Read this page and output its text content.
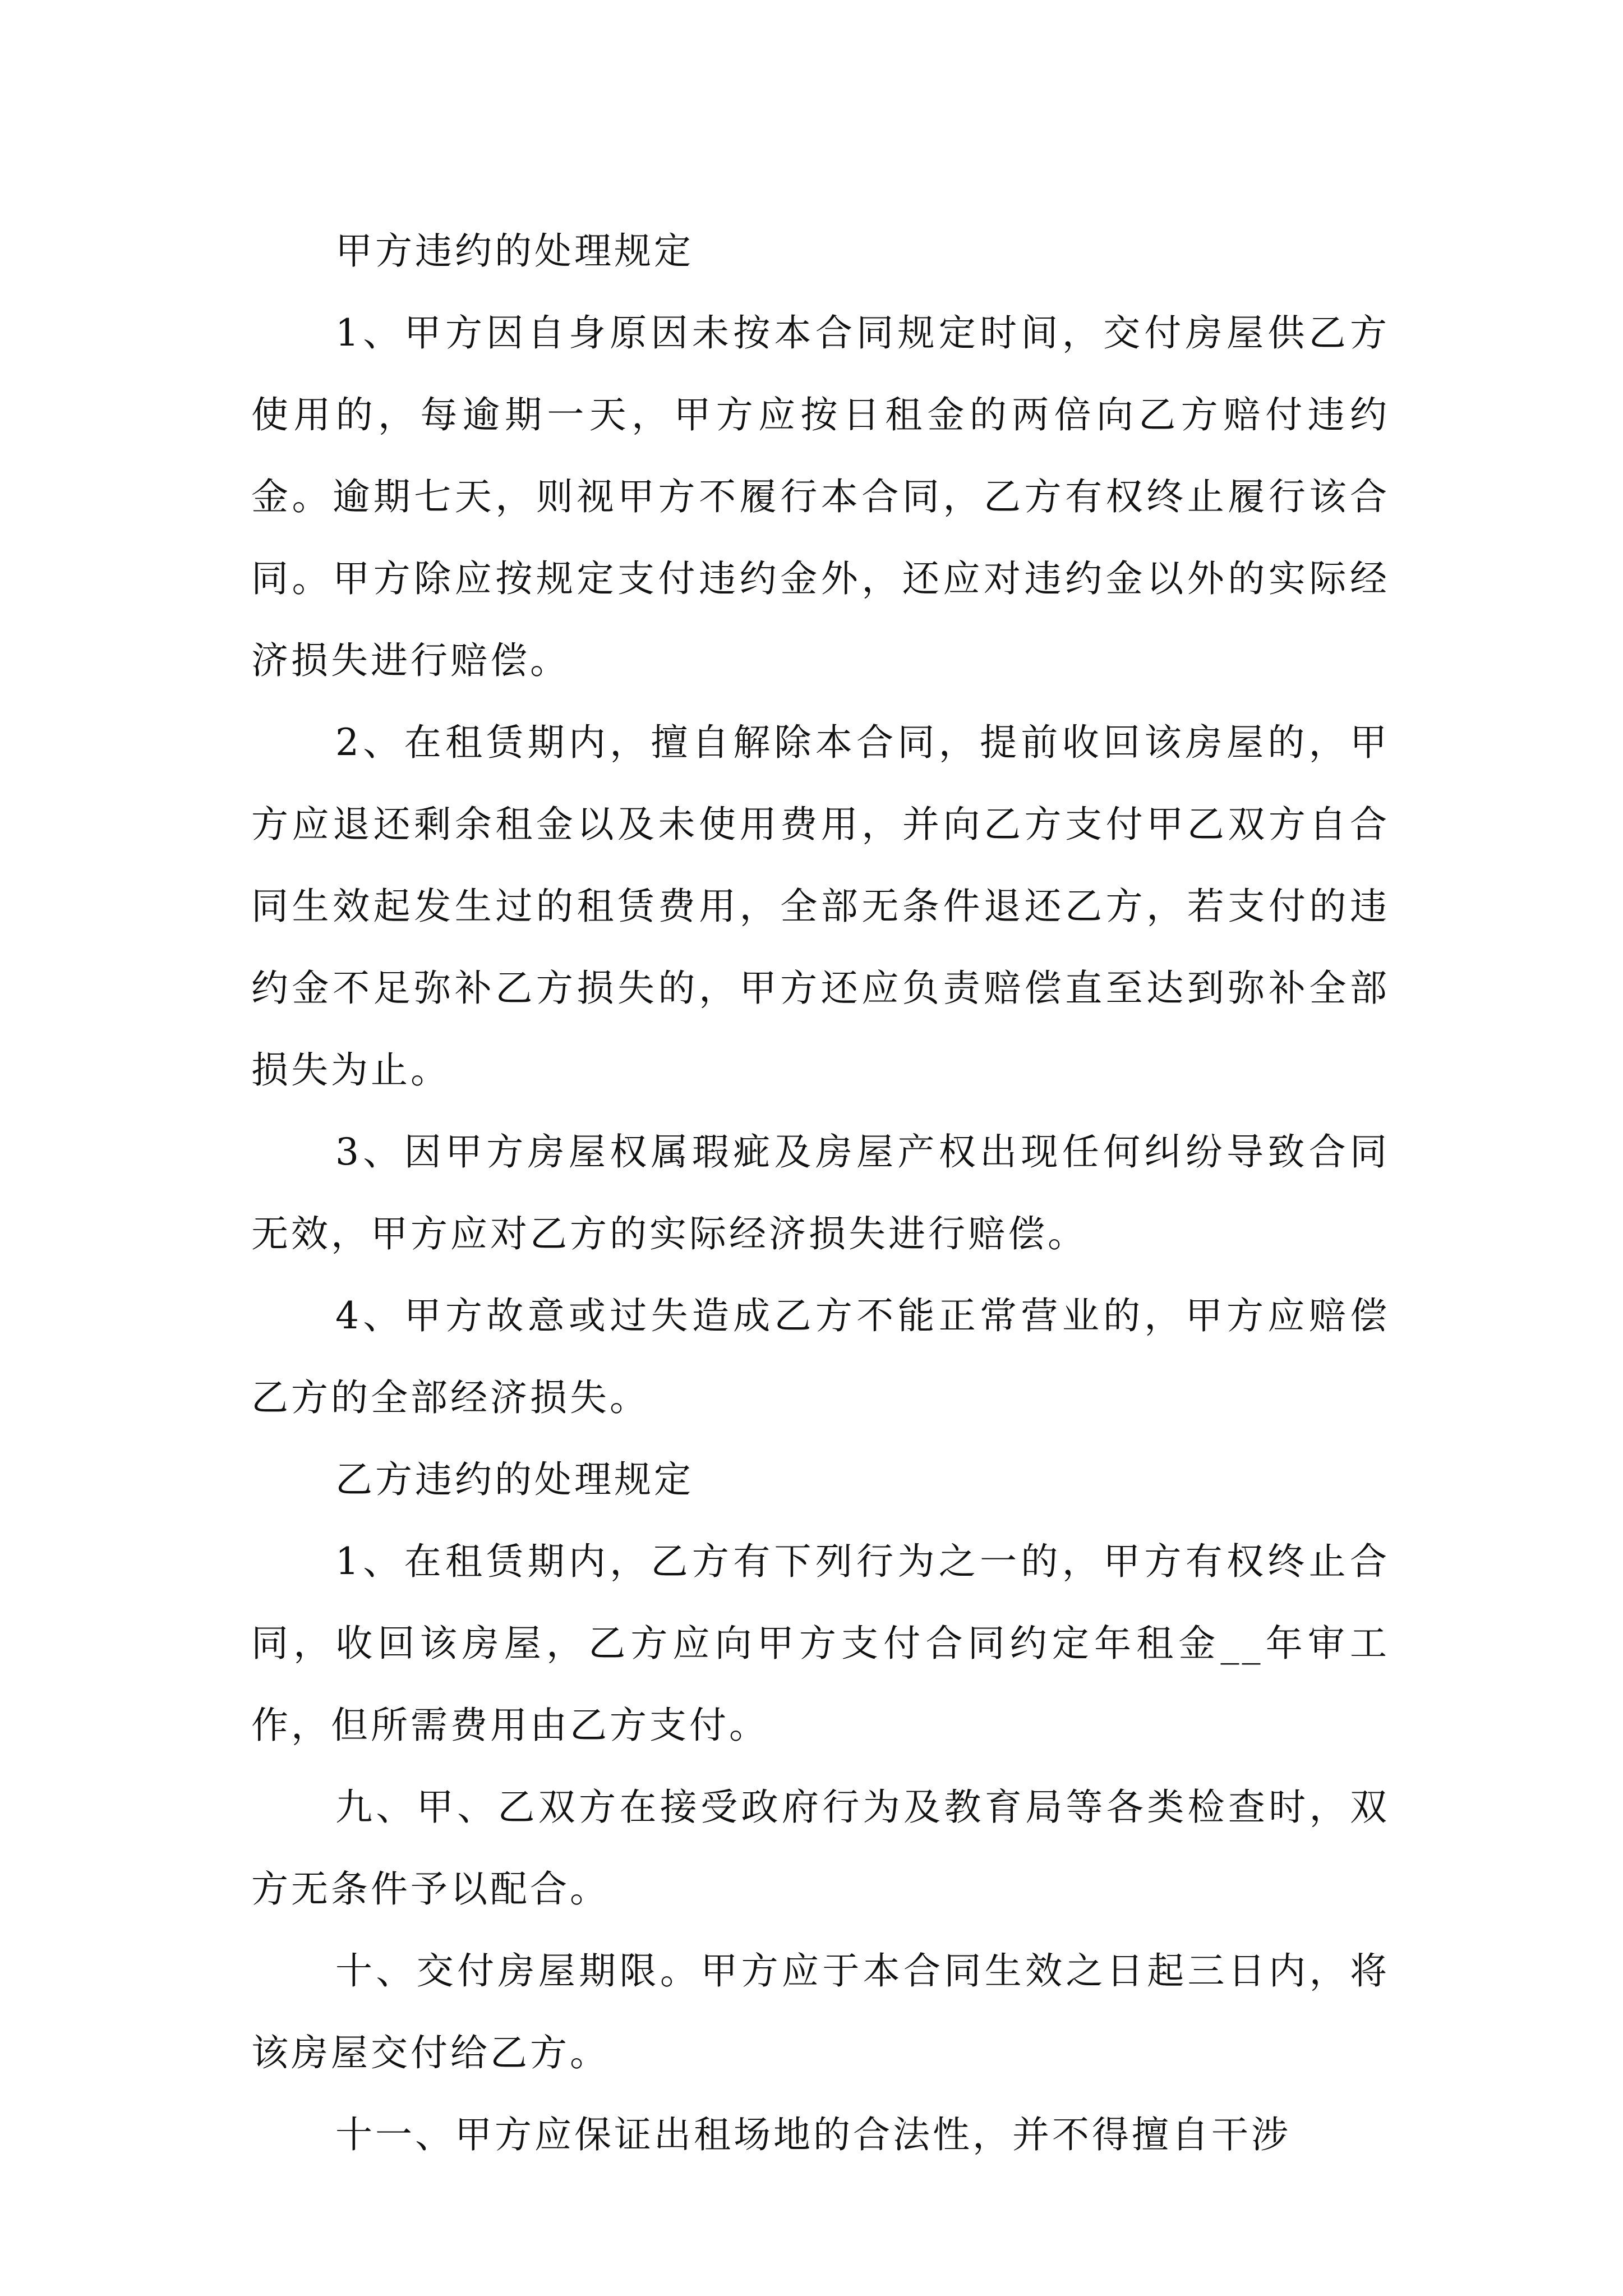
甲方违约的处理规定

1、甲方因自身原因未按本合同规定时间，交付房屋供乙方使用的，每逾期一天，甲方应按日租金的两倍向乙方赔付违约金。逾期七天，则视甲方不履行本合同，乙方有权终止履行该合同。甲方除应按规定支付违约金外，还应对违约金以外的实际经济损失进行赔偿。

2、在租赁期内，擅自解除本合同，提前收回该房屋的，甲方应退还剩余租金以及未使用费用，并向乙方支付甲乙双方自合同生效起发生过的租赁费用，全部无条件退还乙方，若支付的违约金不足弥补乙方损失的，甲方还应负责赔偿直至达到弥补全部损失为止。

3、因甲方房屋权属瑕疵及房屋产权出现任何纠纷导致合同无效，甲方应对乙方的实际经济损失进行赔偿。

4、甲方故意或过失造成乙方不能正常营业的，甲方应赔偿乙方的全部经济损失。

乙方违约的处理规定

1、在租赁期内，乙方有下列行为之一的，甲方有权终止合同，收回该房屋，乙方应向甲方支付合同约定年租金__年审工作，但所需费用由乙方支付。

九、甲、乙双方在接受政府行为及教育局等各类检查时，双方无条件予以配合。

十、交付房屋期限。甲方应于本合同生效之日起三日内，将该房屋交付给乙方。

十一、甲方应保证出租场地的合法性，并不得擅自干涉
